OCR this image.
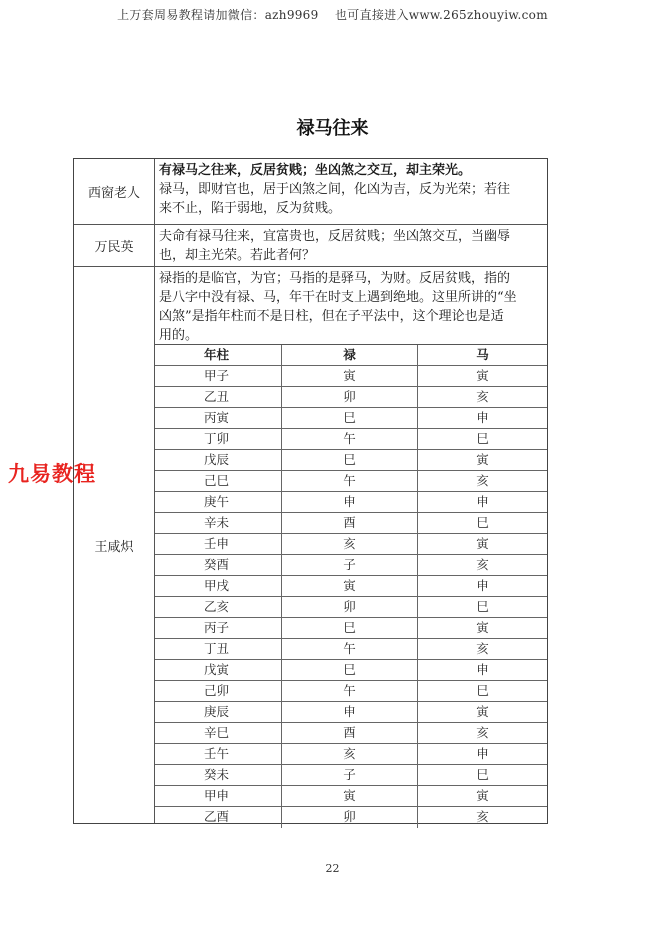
上万套周易教程请加微信：azh9969　 也可直接进入www.265zhouyiw.com
禄马往来
西窗老人

有禄马之往来，反居贫贱；坐凶煞之交互，却主荣光。

禄马，即财官也，居于凶煞之间，化凶为吉，反为光荣；若往

来不止，陷于弱地，反为贫贱。

万民英

夫命有禄马往来，宜富贵也，反居贫贱；坐凶煞交互，当幽辱

也，却主光荣。若此者何？

王咸炽

禄指的是临官，为官；马指的是驿马，为财。反居贫贱，指的

是八字中没有禄、马，年干在时支上遇到绝地。这里所讲的“坐

凶煞”是指年柱而不是日柱，但在子平法中，这个理论也是适

用的。

年柱	禄	马
甲子	寅	寅
乙丑	卯	亥
丙寅	巳	申
丁卯	午	巳
戊辰	巳	寅
己巳	午	亥
庚午	申	申
辛未	酉	巳
壬申	亥	寅
癸酉	子	亥
甲戌	寅	申
乙亥	卯	巳
丙子	巳	寅
丁丑	午	亥
戊寅	巳	申
己卯	午	巳
庚辰	申	寅
辛巳	酉	亥
壬午	亥	申
癸未	子	巳
甲申	寅	寅
乙酉	卯	亥
九易教程
22
